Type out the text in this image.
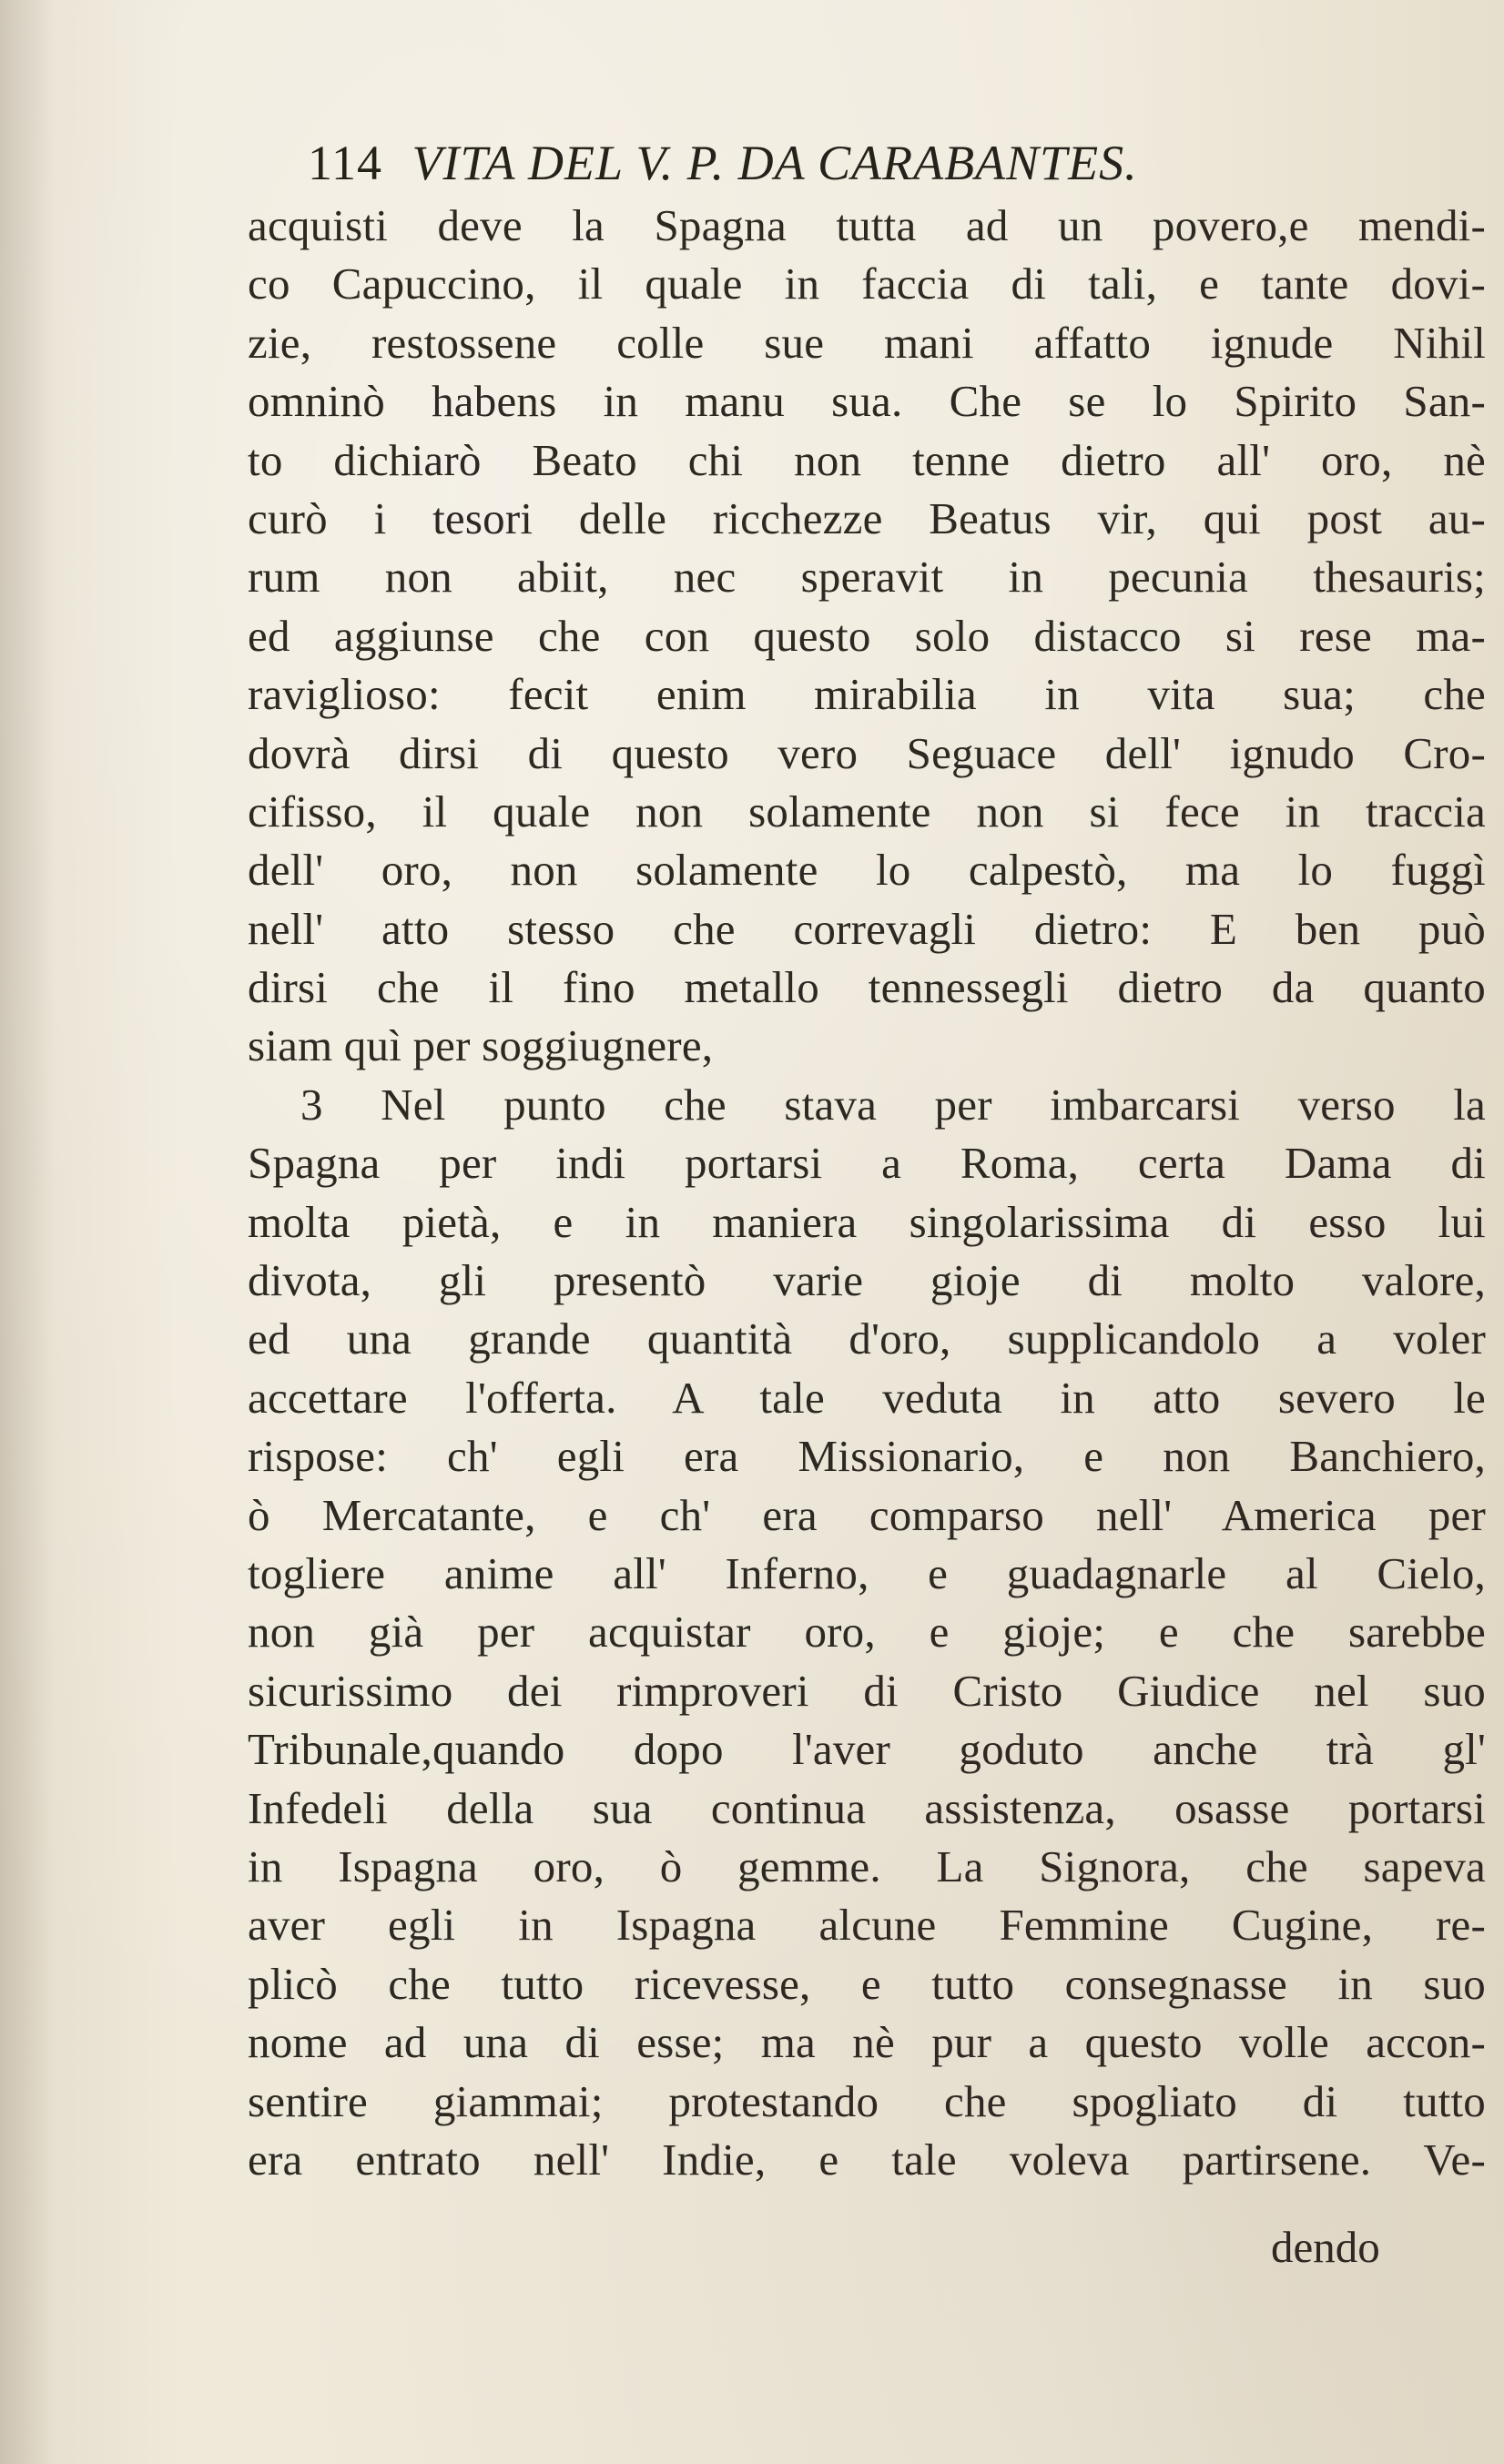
114 VITA DEL V. P. DA CARABANTES.
acquisti deve la Spagna tutta ad un povero,e mendi-
co Capuccino, il quale in faccia di tali, e tante dovi-
zie, restossene colle sue mani affatto ignude Nihil
omninò habens in manu sua. Che se lo Spirito San-
to dichiarò Beato chi non tenne dietro all' oro, nè
curò i tesori delle ricchezze Beatus vir, qui post au-
rum non abiit, nec speravit in pecunia thesauris;
ed aggiunse che con questo solo distacco si rese ma-
raviglioso: fecit enim mirabilia in vita sua; che
dovrà dirsi di questo vero Seguace dell' ignudo Cro-
cifisso, il quale non solamente non si fece in traccia
dell' oro, non solamente lo calpestò, ma lo fuggì
nell' atto stesso che correvagli dietro: E ben può
dirsi che il fino metallo tennessegli dietro da quanto
siam quì per soggiugnere,
3 Nel punto che stava per imbarcarsi verso la
Spagna per indi portarsi a Roma, certa Dama di
molta pietà, e in maniera singolarissima di esso lui
divota, gli presentò varie gioje di molto valore,
ed una grande quantità d'oro, supplicandolo a voler
accettare l'offerta. A tale veduta in atto severo le
rispose: ch' egli era Missionario, e non Banchiero,
ò Mercatante, e ch' era comparso nell' America per
togliere anime all' Inferno, e guadagnarle al Cielo,
non già per acquistar oro, e gioje; e che sarebbe
sicurissimo dei rimproveri di Cristo Giudice nel suo
Tribunale,quando dopo l'aver goduto anche trà gl'
Infedeli della sua continua assistenza, osasse portarsi
in Ispagna oro, ò gemme. La Signora, che sapeva
aver egli in Ispagna alcune Femmine Cugine, re-
plicò che tutto ricevesse, e tutto consegnasse in suo
nome ad una di esse; ma nè pur a questo volle accon-
sentire giammai; protestando che spogliato di tutto
era entrato nell' Indie, e tale voleva partirsene. Ve-
dendo
